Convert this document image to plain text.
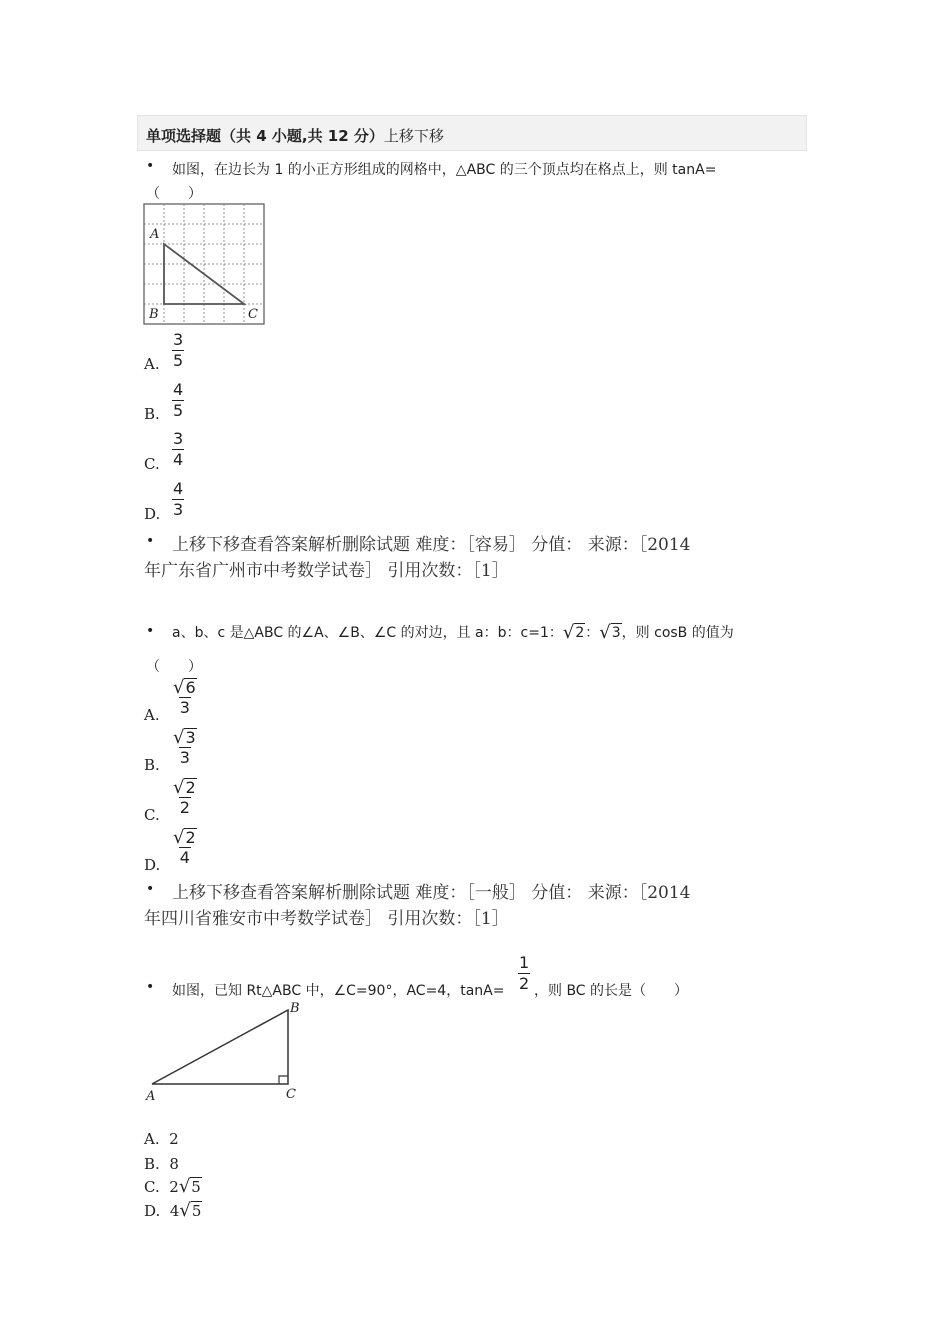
单项选择题（共 4 小题,共 12 分）上移下移
• 如图，在边长为 1 的小正方形组成的网格中，△ABC 的三个顶点均在格点上，则 tanA=
（　　）
A
B	C
A. $\frac{3}{5}$
B. $\frac{4}{5}$
C. $\frac{3}{4}$
D. $\frac{4}{3}$
• 上移下移查看答案解析删除试题 难度：［容易］ 分值： 来源：［2014
年广东省广州市中考数学试卷］ 引用次数：［1］
• a、b、c 是△ABC 的∠A、∠B、∠C 的对边，且 a：b：c=1： √ 2 ： √ 3 ，则 cosB 的值为
（　　）
A. $\frac{√ 6}{3}$
B. $\frac{√ 3}{3}$
C. $\frac{√ 2}{2}$
D. $\frac{√ 2}{4}$
• 上移下移查看答案解析删除试题 难度：［一般］ 分值： 来源：［2014
年四川省雅安市中考数学试卷］ 引用次数：［1］
• 如图，已知 Rt△ABC 中，∠C=90°，AC=4，$\tan A= \frac{1}{2}$ ，则 BC 的长是（　　）
A
B
C
A. 2
B. 8
C.
2 √ 5
D.
4 √ 5
